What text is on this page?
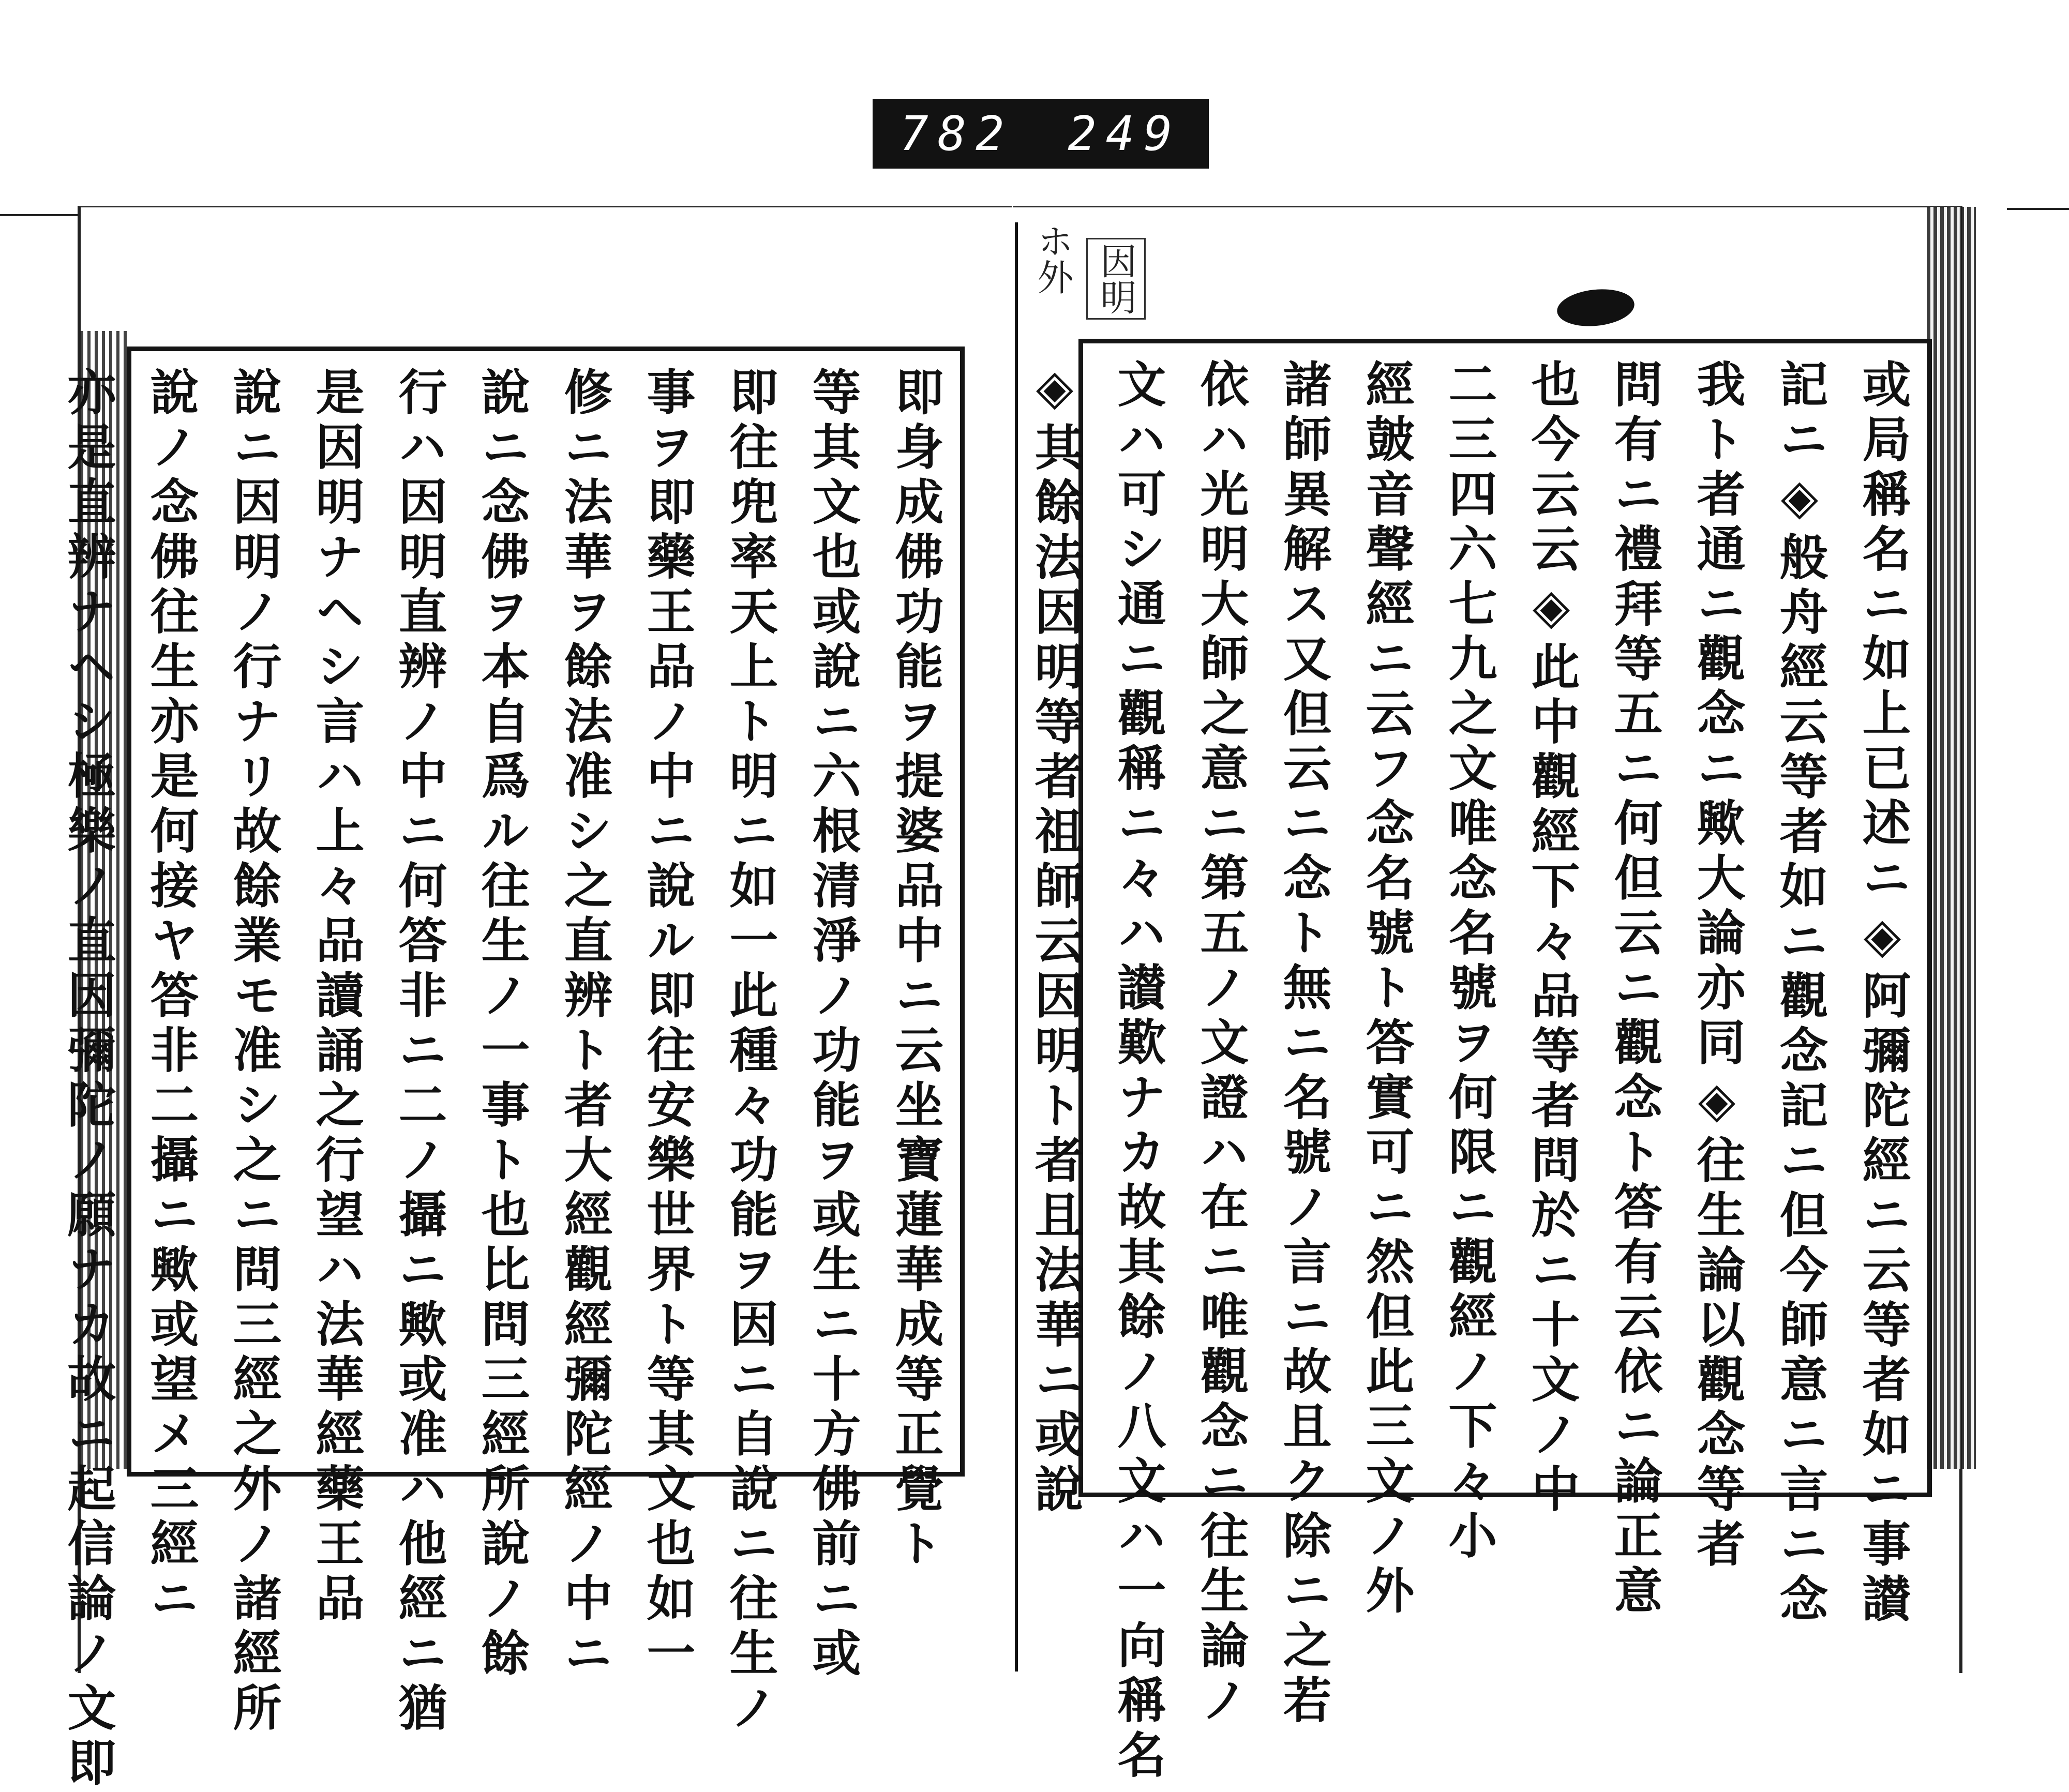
782 249
ホ外 因明
即身成佛功能ヲ提婆品中ニ云坐寶蓮華成等正覺ト
等其文也或說ニ六根清淨ノ功能ヲ或生ニ十方佛前ニ或
即往兜率天上ト明ニ如一此種々功能ヲ因ニ自說ニ往生ノ
事ヲ即藥王品ノ中ニ說ル即往安樂世界ト等其文也如一
修ニ法華ヲ餘法准シ之直辨ト者大經觀經彌陀經ノ中ニ
說ニ念佛ヲ本自爲ル往生ノ一事ト也比問三經所說ノ餘
行ハ因明直辨ノ中ニ何答非ニ二ノ攝ニ歟或准ハ他經ニ猶
是因明ナヘシ言ハ上々品讀誦之行望ハ法華經藥王品
說ニ因明ノ行ナリ故餘業モ准シ之ニ問三經之外ノ諸經所
說ノ念佛往生亦是何接ヤ答非二攝ニ歟或望メ三經ニ
亦是直辨ナヘシ極樂ノ直因彌陀ノ願ナカ故ニ起信論ノ文即	或局稱名ニ如上已述ニ◈阿彌陀經ニ云等者如ニ事讃
記ニ◈般舟經云等者如ニ觀念記ニ但今師意ニ言ニ念
我ト者通ニ觀念ニ歟大論亦同◈往生論以觀念等者
問有ニ禮拜等五ニ何但云ニ觀念ト答有云依ニ論正意
也今云云◈此中觀經下々品等者問於ニ十文ノ中
二三四六七九之文唯念名號ヲ何限ニ觀經ノ下々小
經皷音聲經ニ云フ念名號ト答實可ニ然但此三文ノ外
諸師異解ス又但云ニ念ト無ニ名號ノ言ニ故且ク除ニ之若
依ハ光明大師之意ニ第五ノ文證ハ在ニ唯觀念ニ往生論ノ
文ハ可シ通ニ觀稱ニ々ハ讃歎ナカ故其餘ノ八文ハ一向稱名
◈其餘法因明等者祖師云因明ト者且法華ニ或說
